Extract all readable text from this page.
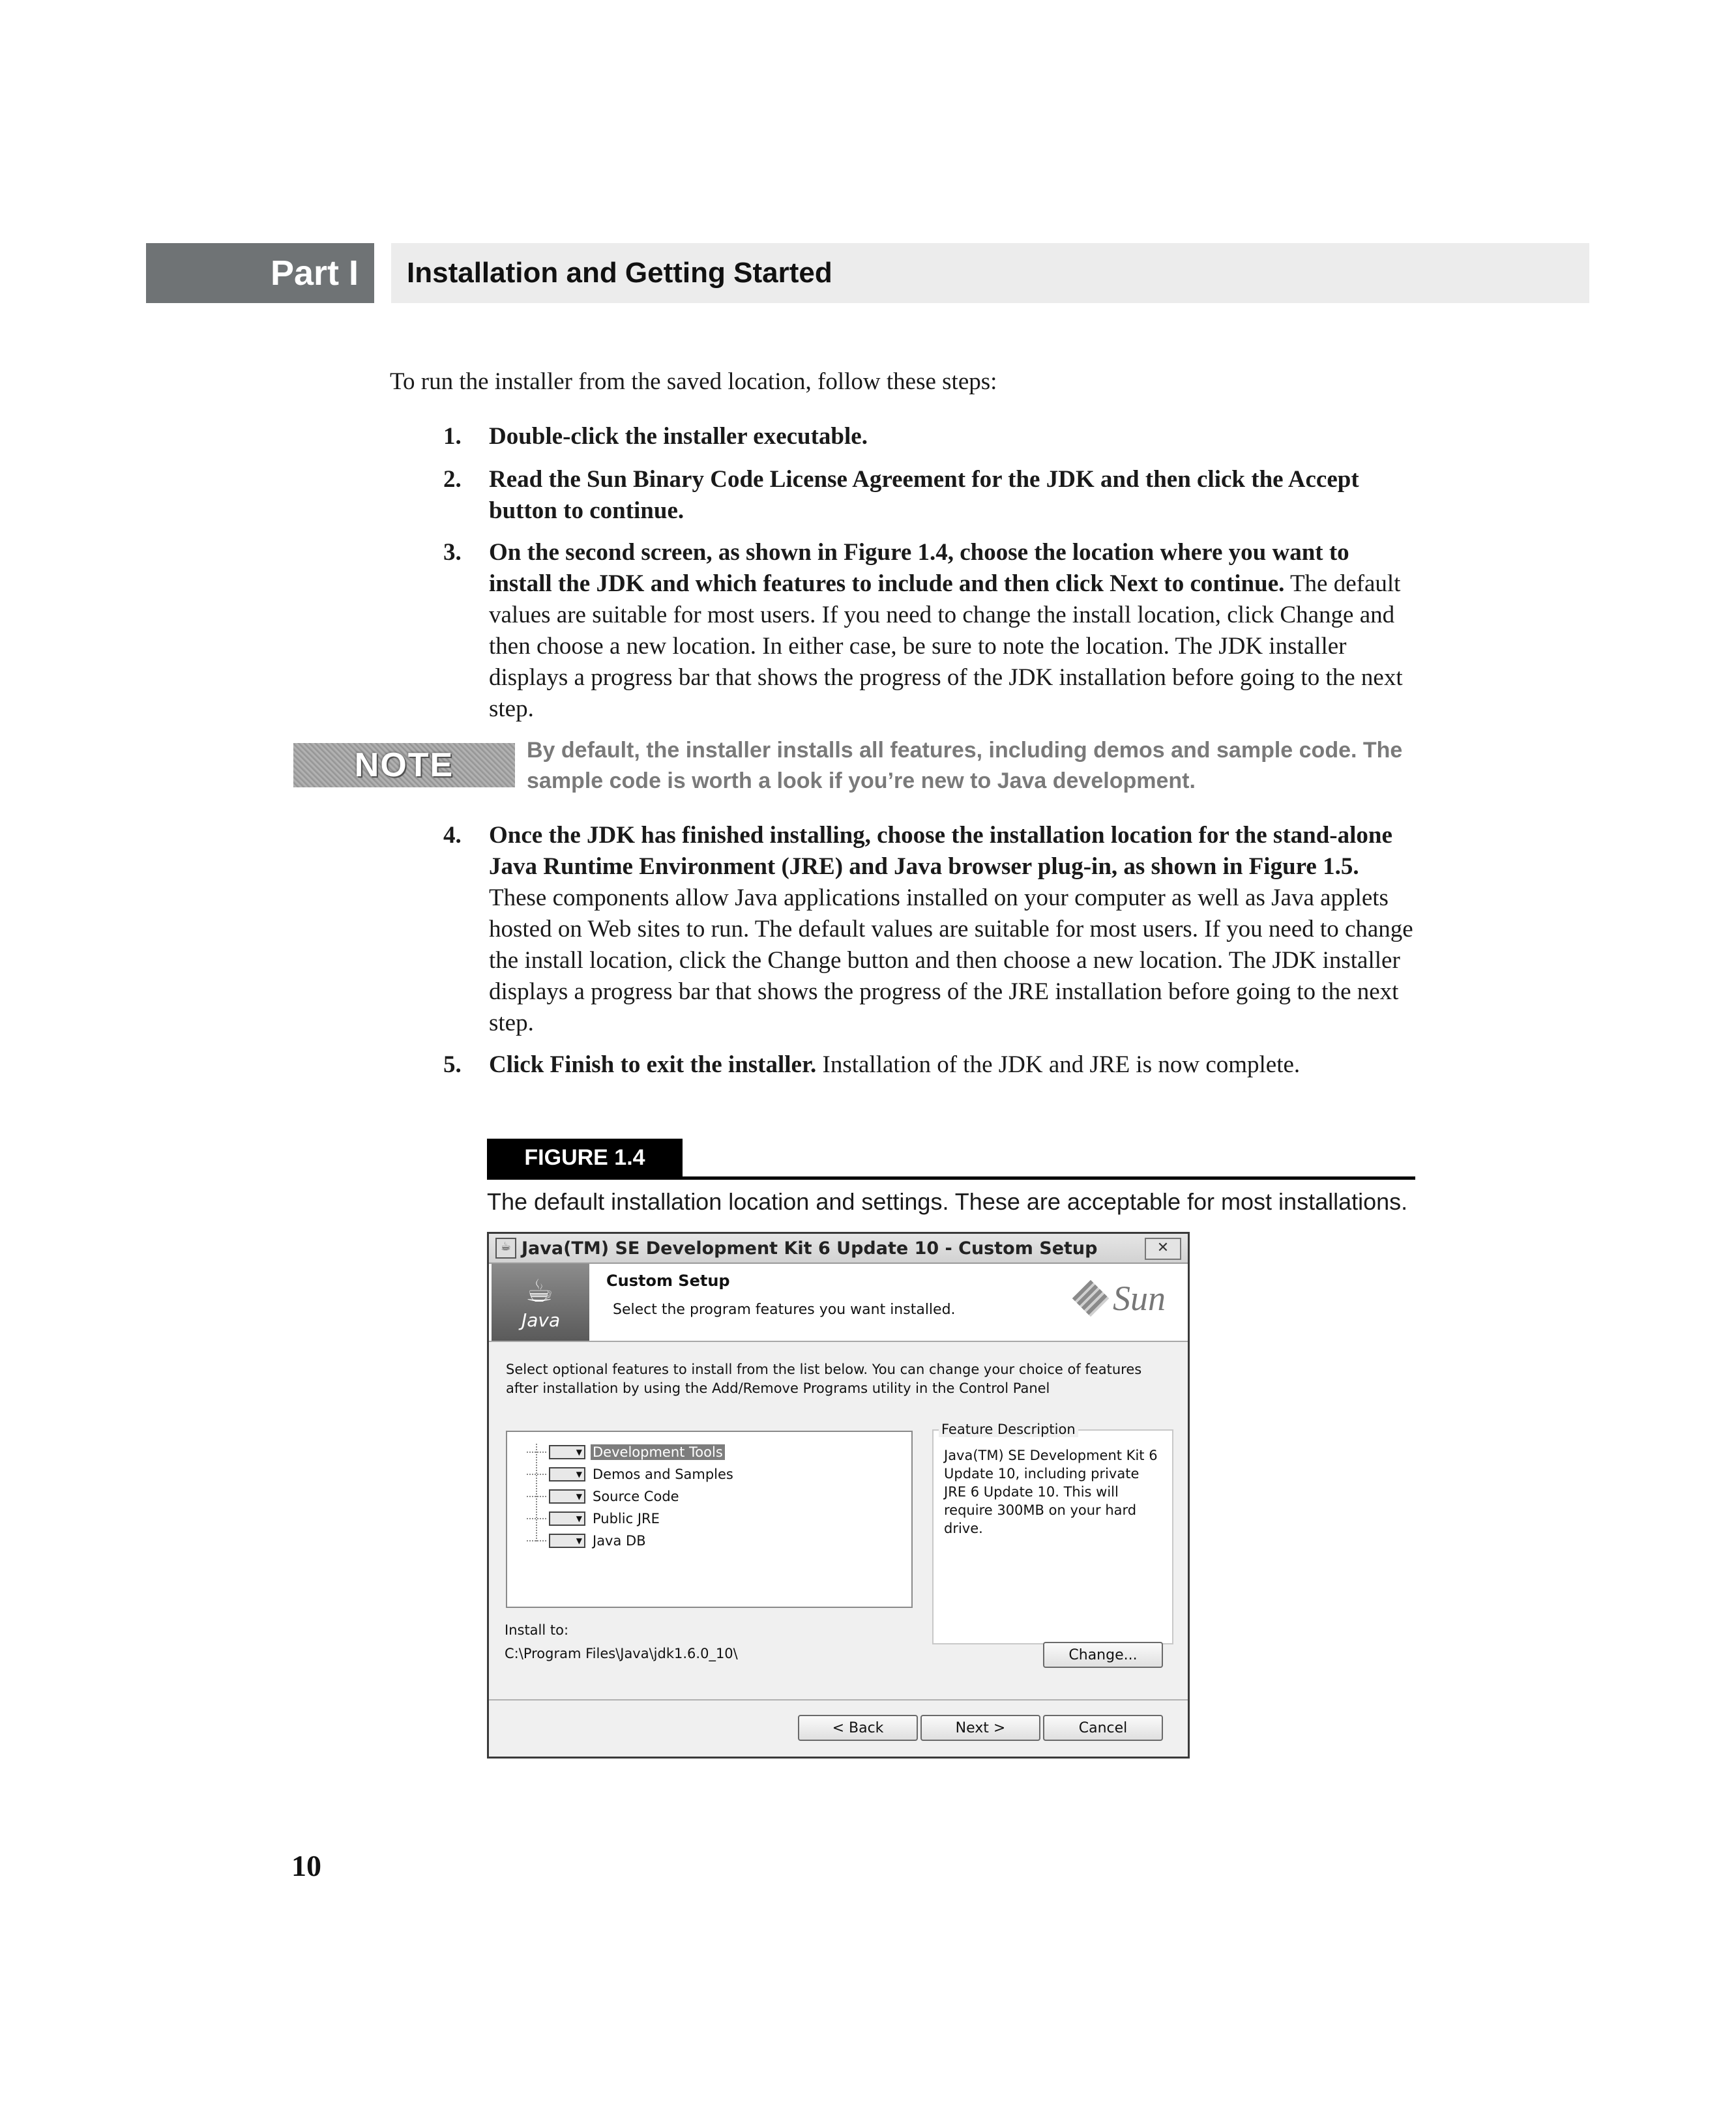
Part I	Installation and Getting Started
To run the installer from the saved location, follow these steps:
1. Double-click the installer executable.
2. Read the Sun Binary Code License Agreement for the JDK and then click the Accept button to continue.
3. On the second screen, as shown in Figure 1.4, choose the location where you want to install the JDK and which features to include and then click Next to continue. The default values are suitable for most users. If you need to change the install location, click Change and then choose a new location. In either case, be sure to note the location. The JDK installer displays a progress bar that shows the progress of the JDK installation before going to the next step.
NOTE	By default, the installer installs all features, including demos and sample code. The sample code is worth a look if you’re new to Java development.
4. Once the JDK has finished installing, choose the installation location for the stand-alone Java Runtime Environment (JRE) and Java browser plug-in, as shown in Figure 1.5. These components allow Java applications installed on your computer as well as Java applets hosted on Web sites to run. The default values are suitable for most users. If you need to change the install location, click the Change button and then choose a new location. The JDK installer displays a progress bar that shows the progress of the JRE installation before going to the next step.
5. Click Finish to exit the installer. Installation of the JDK and JRE is now complete.
FIGURE 1.4
The default installation location and settings. These are acceptable for most installations.
☕ Java(TM) SE Development Kit 6 Update 10 - Custom Setup	✕
☕
Java
Custom Setup
Select the program features you want installed.	Sun
Select optional features to install from the list below. You can change your choice of features after installation by using the Add/Remove Programs utility in the Control Panel
▼ Development Tools
▼ Demos and Samples
▼ Source Code
▼ Public JRE
▼ Java DB
Java(TM) SE Development Kit 6 Update 10, including private JRE 6 Update 10. This will require 300MB on your hard drive.
Feature Description
Install to:
C:\Program Files\Java\jdk1.6.0_10\	Change...
< Back	Next >	Cancel
10
